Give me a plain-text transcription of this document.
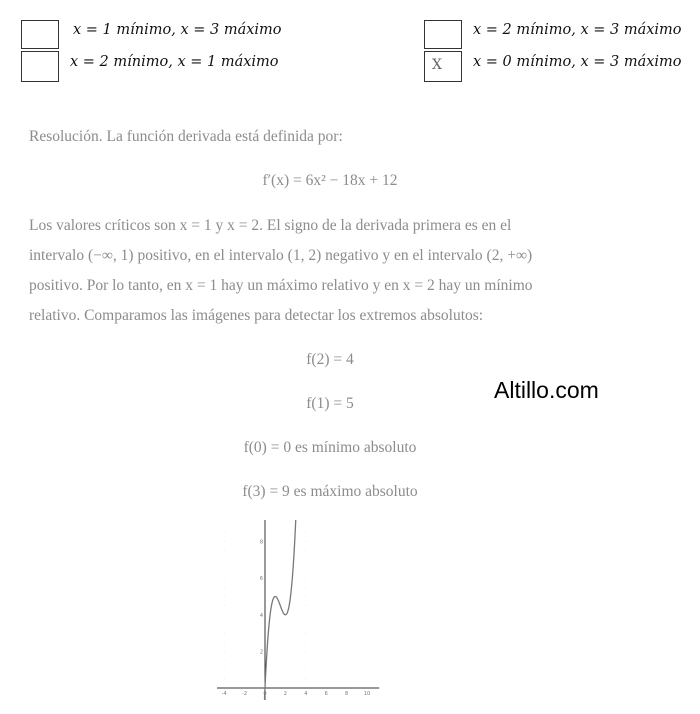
x = 1 mínimo, x = 3 máximo
x = 2 mínimo, x = 1 máximo
x = 2 mínimo, x = 3 máximo
X	x = 0 mínimo, x = 3 máximo
Resolución. La función derivada está definida por:
f′(x) = 6x² − 18x + 12
Los valores críticos son x = 1 y x = 2. El signo de la derivada primera es en el
intervalo (−∞, 1) positivo, en el intervalo (1, 2) negativo y en el intervalo (2, +∞)
positivo. Por lo tanto, en x = 1 hay un máximo relativo y en x = 2 hay un mínimo
relativo. Comparamos las imágenes para detectar los extremos absolutos:
f(2) = 4
f(1) = 5
f(0) = 0 es mínimo absoluto
f(3) = 9 es máximo absoluto
Altillo.com
-4	-2	0	2	4	6	8	10
2
4
6
8
